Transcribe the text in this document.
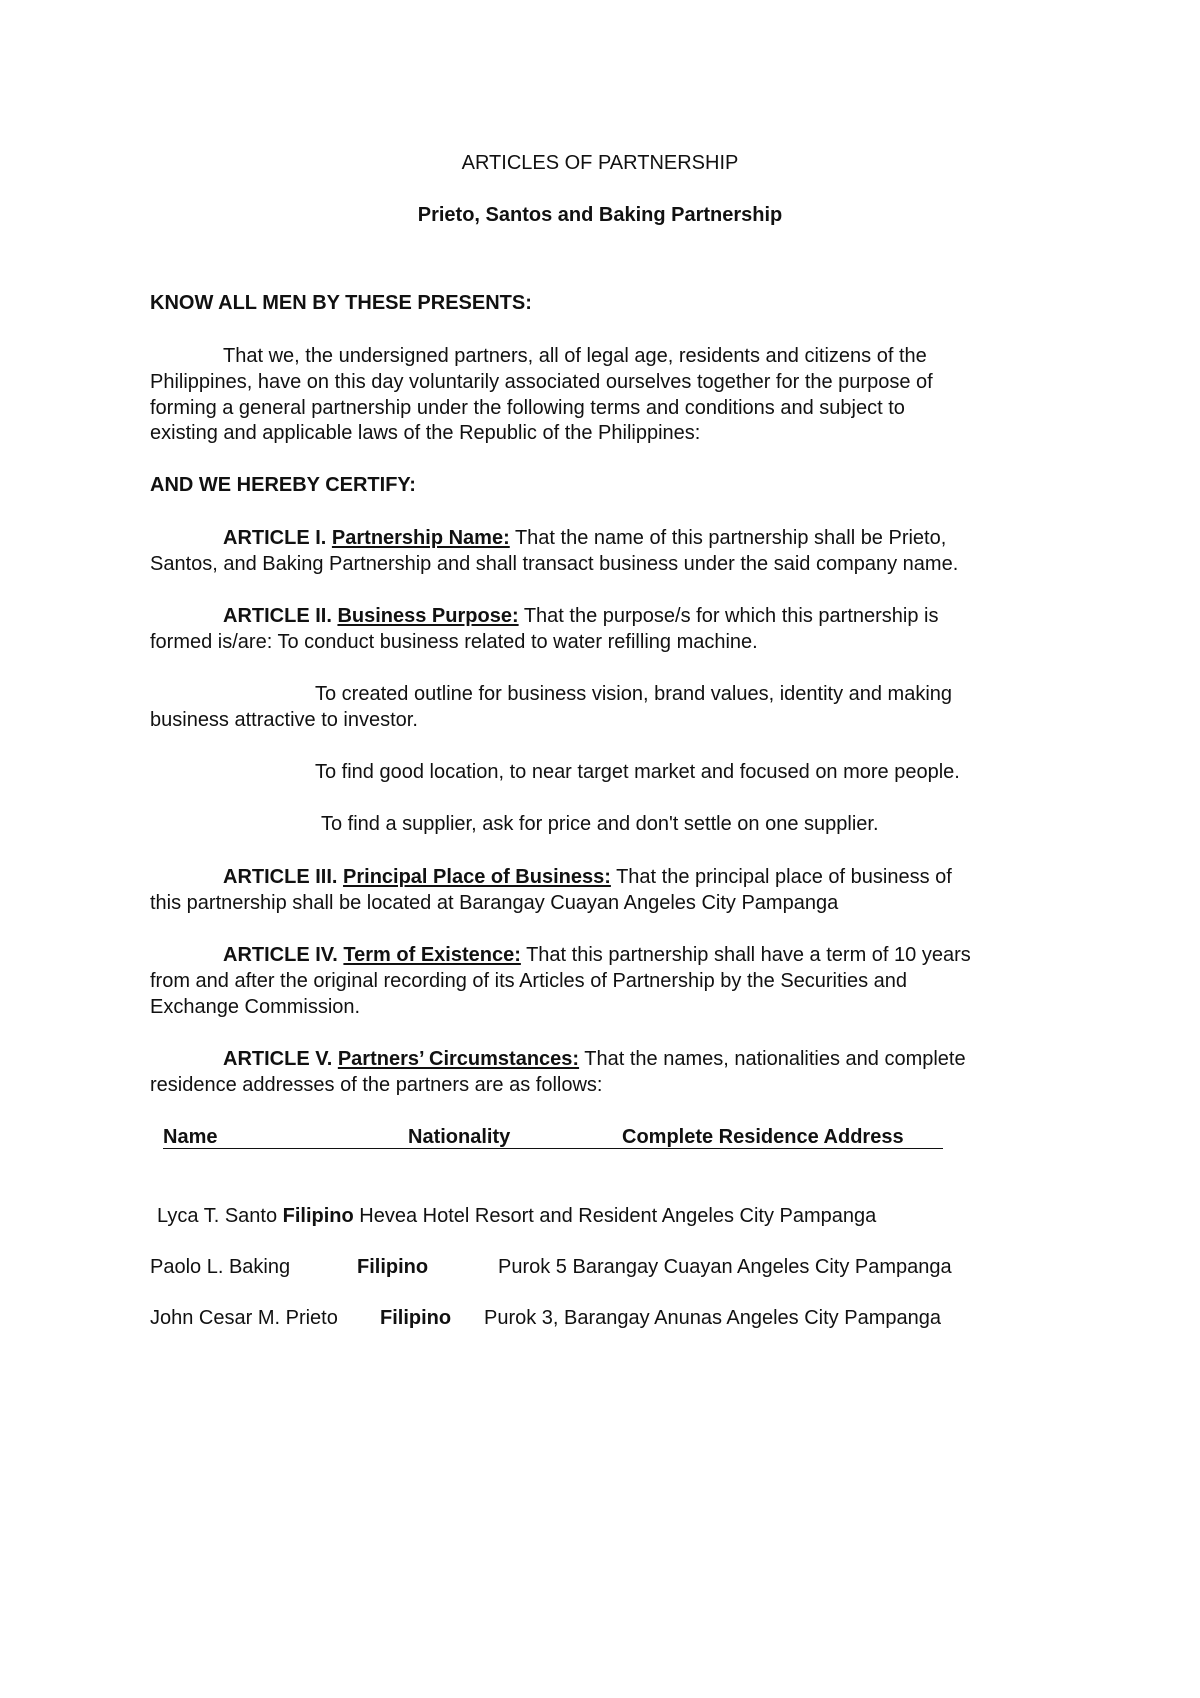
ARTICLES OF PARTNERSHIP

Prieto, Santos and Baking Partnership

KNOW ALL MEN BY THESE PRESENTS:

That we, the undersigned partners, all of legal age, residents and citizens of the

Philippines, have on this day voluntarily associated ourselves together for the purpose of

forming a general partnership under the following terms and conditions and subject to

existing and applicable laws of the Republic of the Philippines:

AND WE HEREBY CERTIFY:

ARTICLE I. Partnership Name: That the name of this partnership shall be Prieto,

Santos, and Baking Partnership and shall transact business under the said company name.

ARTICLE II. Business Purpose: That the purpose/s for which this partnership is

formed is/are: To conduct business related to water refilling machine.

To created outline for business vision, brand values, identity and making

business attractive to investor.

To find good location, to near target market and focused on more people.

To find a supplier, ask for price and don't settle on one supplier.

ARTICLE III. Principal Place of Business: That the principal place of business of

this partnership shall be located at Barangay Cuayan Angeles City Pampanga

ARTICLE IV. Term of Existence: That this partnership shall have a term of 10 years

from and after the original recording of its Articles of Partnership by the Securities and

Exchange Commission.

ARTICLE V. Partners’ Circumstances: That the names, nationalities and complete

residence addresses of the partners are as follows:

Name	Nationality	Complete Residence Address

Lyca T. Santo Filipino Hevea Hotel Resort and Resident Angeles City Pampanga

Paolo L. Baking	Filipino	Purok 5 Barangay Cuayan Angeles City Pampanga
John Cesar M. Prieto Filipino Purok 3, Barangay Anunas Angeles City Pampanga
